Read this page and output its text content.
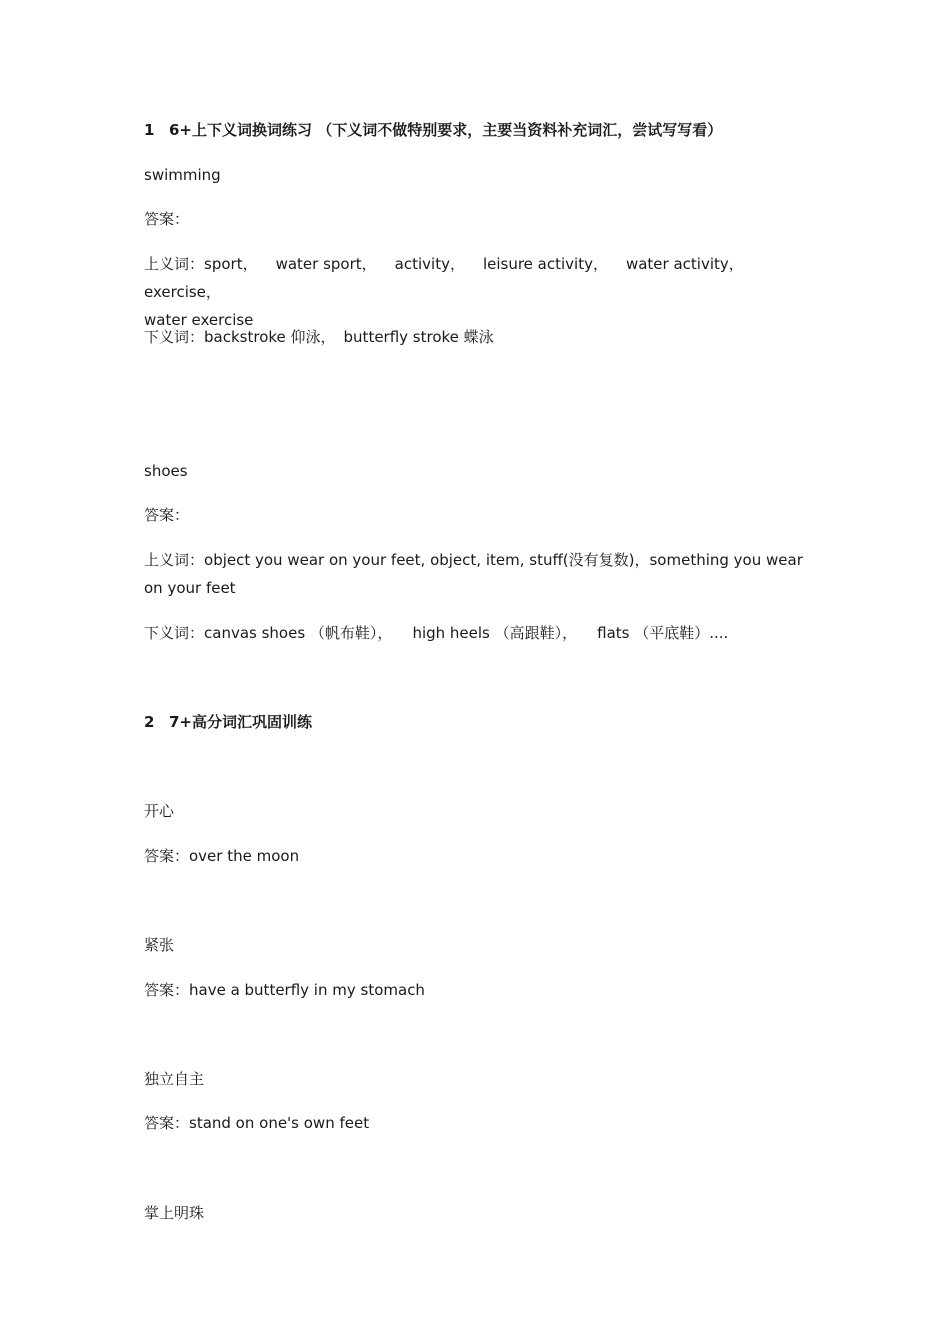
1 6+上下义词换词练习 （下义词不做特别要求，主要当资料补充词汇，尝试写写看）

swimming

答案：

上义词：sport， water sport， activity， leisure activity， water activity，exercise，
water exercise

下义词：backstroke 仰泳， butterfly stroke 蝶泳

shoes

答案：

上义词：object you wear on your feet, object, item, stuff(没有复数)，something you wear on your feet

下义词：canvas shoes （帆布鞋）， high heels （高跟鞋）， flats （平底鞋）....

2 7+高分词汇巩固训练

开心

答案：over the moon

紧张

答案：have a butterfly in my stomach

独立自主

答案：stand on one's own feet

掌上明珠
